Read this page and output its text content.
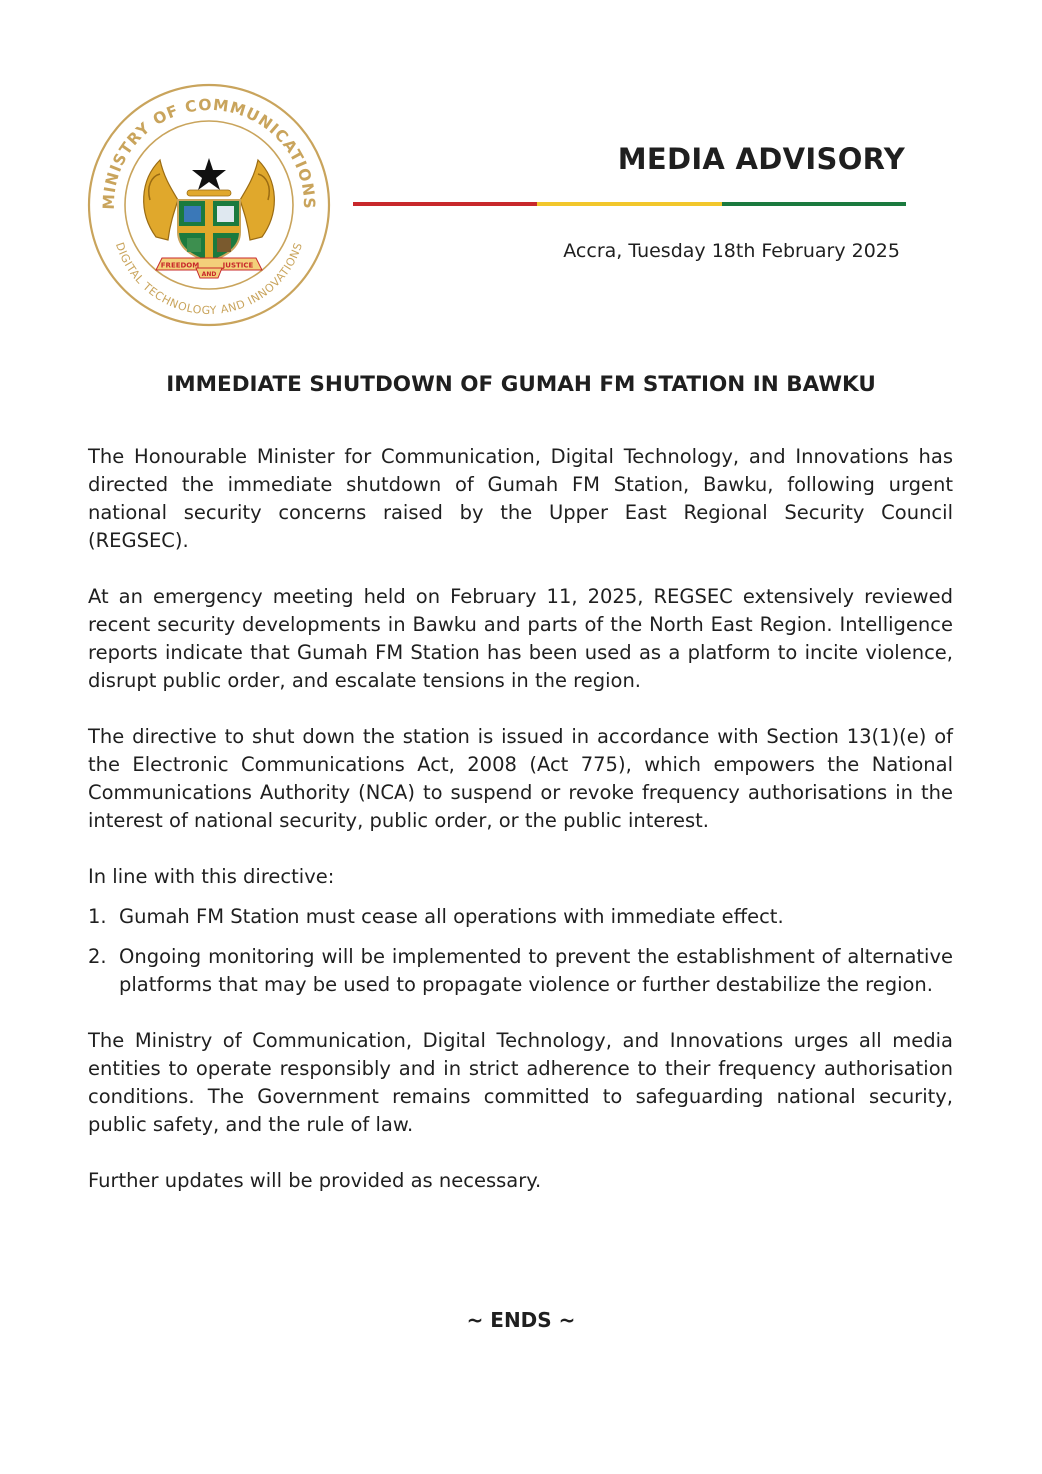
MINISTRY OF COMMUNICATIONS
DIGITAL TECHNOLOGY AND INNOVATIONS
FREEDOM
AND
JUSTICE
MEDIA ADVISORY
Accra, Tuesday 18th February 2025
IMMEDIATE SHUTDOWN OF GUMAH FM STATION IN BAWKU

The Honourable Minister for Communication, Digital Technology, and Innovations has directed the immediate shutdown of Gumah FM Station, Bawku, following urgent national security concerns raised by the Upper East Regional Security Council (REGSEC).

At an emergency meeting held on February 11, 2025, REGSEC extensively reviewed recent security developments in Bawku and parts of the North East Region. Intelligence reports indicate that Gumah FM Station has been used as a platform to incite violence, disrupt public order, and escalate tensions in the region.

The directive to shut down the station is issued in accordance with Section 13(1)(e) of the Electronic Communications Act, 2008 (Act 775), which empowers the National Communications Authority (NCA) to suspend or revoke frequency authorisations in the interest of national security, public order, or the public interest.

In line with this directive:

1. Gumah FM Station must cease all operations with immediate effect.
2. Ongoing monitoring will be implemented to prevent the establishment of alternative platforms that may be used to propagate violence or further destabilize the region.

The Ministry of Communication, Digital Technology, and Innovations urges all media entities to operate responsibly and in strict adherence to their frequency authorisation conditions. The Government remains committed to safeguarding national security, public safety, and the rule of law.

Further updates will be provided as necessary.

~ ENDS ~
